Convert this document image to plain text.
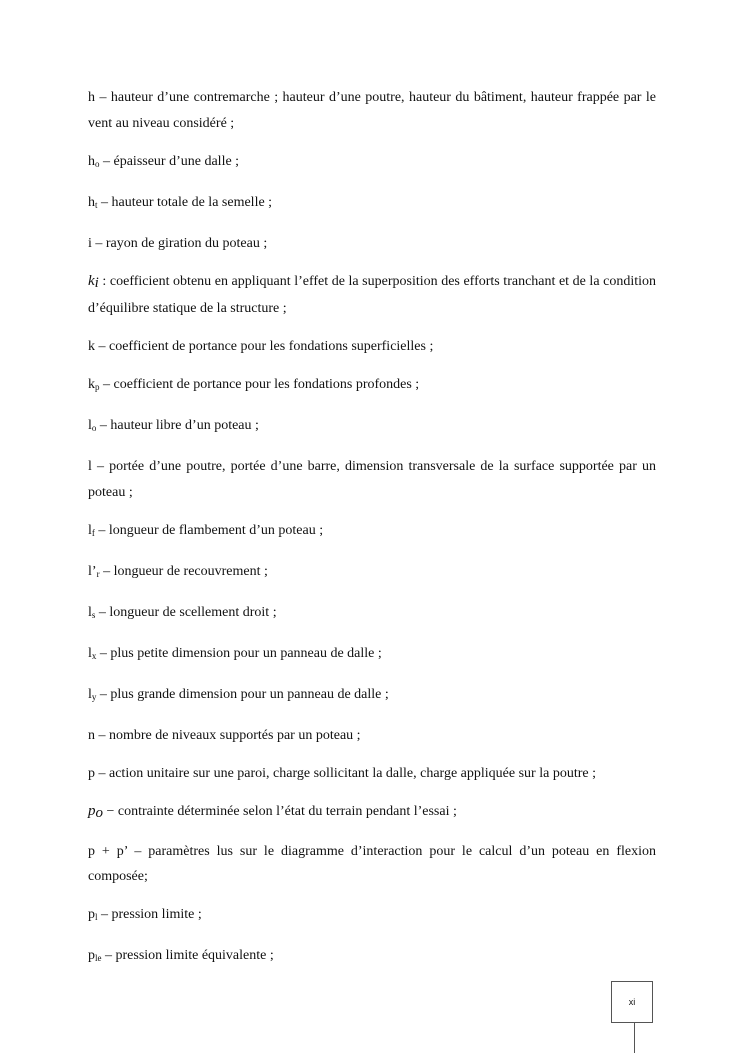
h – hauteur d’une contremarche ; hauteur d’une poutre, hauteur du bâtiment, hauteur frappée par le vent au niveau considéré ;

$h_o$ – épaisseur d’une dalle ;

$h_t$ – hauteur totale de la semelle ;

i – rayon de giration du poteau ;

ki : coefficient obtenu en appliquant l’effet de la superposition des efforts tranchant et de la condition d’équilibre statique de la structure ;

k – coefficient de portance pour les fondations superficielles ;

$k_p$ – coefficient de portance pour les fondations profondes ;

$l_o$ – hauteur libre d’un poteau ;

l – portée d’une poutre, portée d’une barre, dimension transversale de la surface supportée par un poteau ;

$l_f$ – longueur de flambement d’un poteau ;

$l’_r$ – longueur de recouvrement ;

$l_s$ – longueur de scellement droit ;

$l_x$ – plus petite dimension pour un panneau de dalle ;

$l_y$ – plus grande dimension pour un panneau de dalle ;

n – nombre de niveaux supportés par un poteau ;

p – action unitaire sur une paroi, charge sollicitant la dalle, charge appliquée sur la poutre ;

po − contrainte déterminée selon l’état du terrain pendant l’essai ;

p + p’ – paramètres lus sur le diagramme d’interaction pour le calcul d’un poteau en flexion composée;

$p_l$ – pression limite ;

$p_{le}$ – pression limite équivalente ;

xi
